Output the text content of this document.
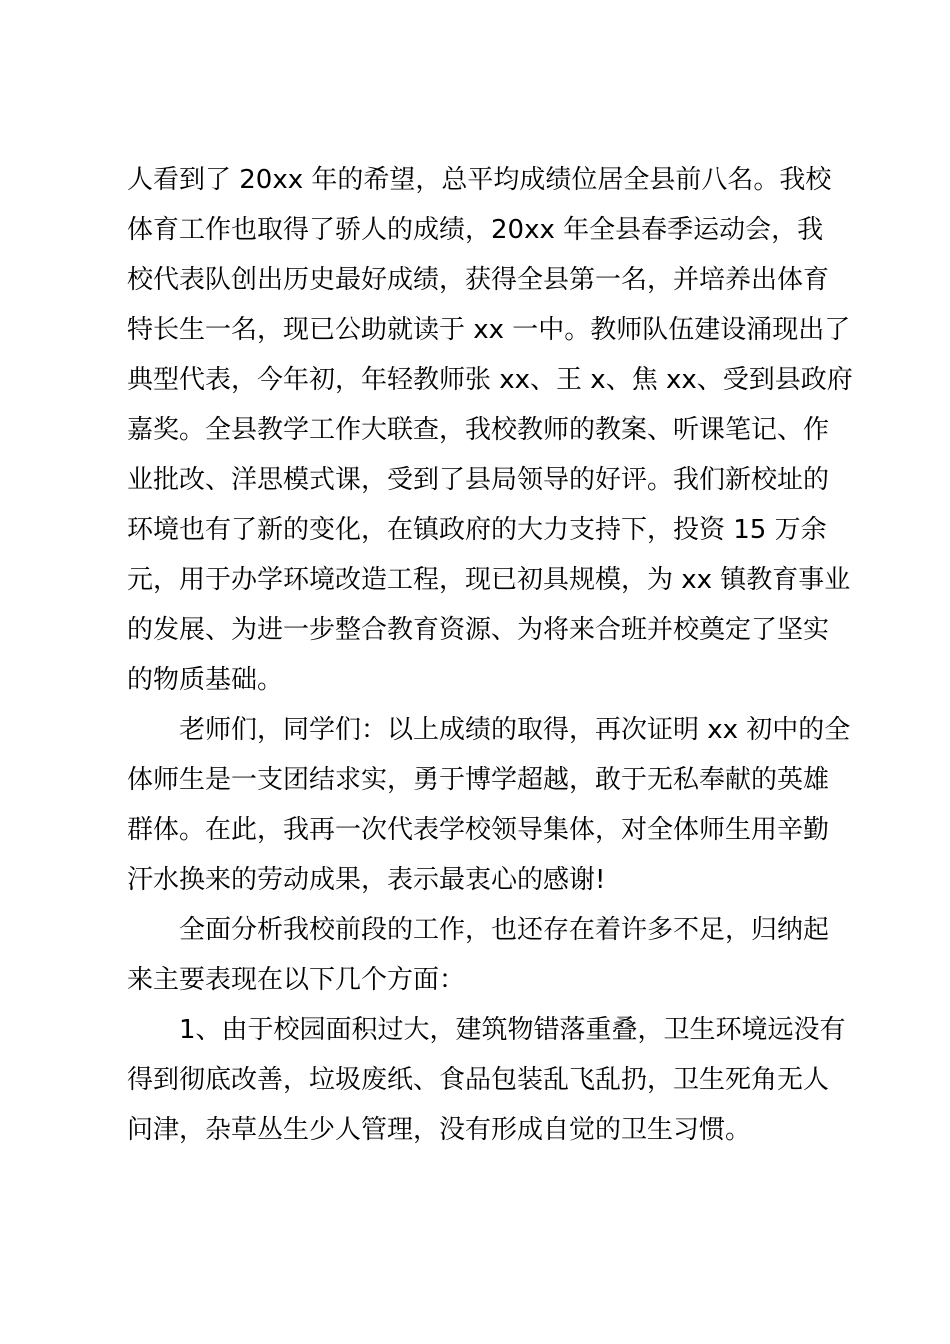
人看到了 20xx 年的希望，总平均成绩位居全县前八名。我校
体育工作也取得了骄人的成绩，20xx 年全县春季运动会，我
校代表队创出历史最好成绩，获得全县第一名，并培养出体育
特长生一名，现已公助就读于 xx 一中。教师队伍建设涌现出了
典型代表，今年初，年轻教师张 xx、王 x、焦 xx、受到县政府
嘉奖。全县教学工作大联查，我校教师的教案、听课笔记、作
业批改、洋思模式课，受到了县局领导的好评。我们新校址的
环境也有了新的变化，在镇政府的大力支持下，投资 15 万余
元，用于办学环境改造工程，现已初具规模，为 xx 镇教育事业
的发展、为进一步整合教育资源、为将来合班并校奠定了坚实
的物质基础。
老师们，同学们：以上成绩的取得，再次证明 xx 初中的全
体师生是一支团结求实，勇于博学超越，敢于无私奉献的英雄
群体。在此，我再一次代表学校领导集体，对全体师生用辛勤
汗水换来的劳动成果，表示最衷心的感谢!
全面分析我校前段的工作，也还存在着许多不足，归纳起
来主要表现在以下几个方面：
1、由于校园面积过大，建筑物错落重叠，卫生环境远没有
得到彻底改善，垃圾废纸、食品包装乱飞乱扔，卫生死角无人
问津，杂草丛生少人管理，没有形成自觉的卫生习惯。
